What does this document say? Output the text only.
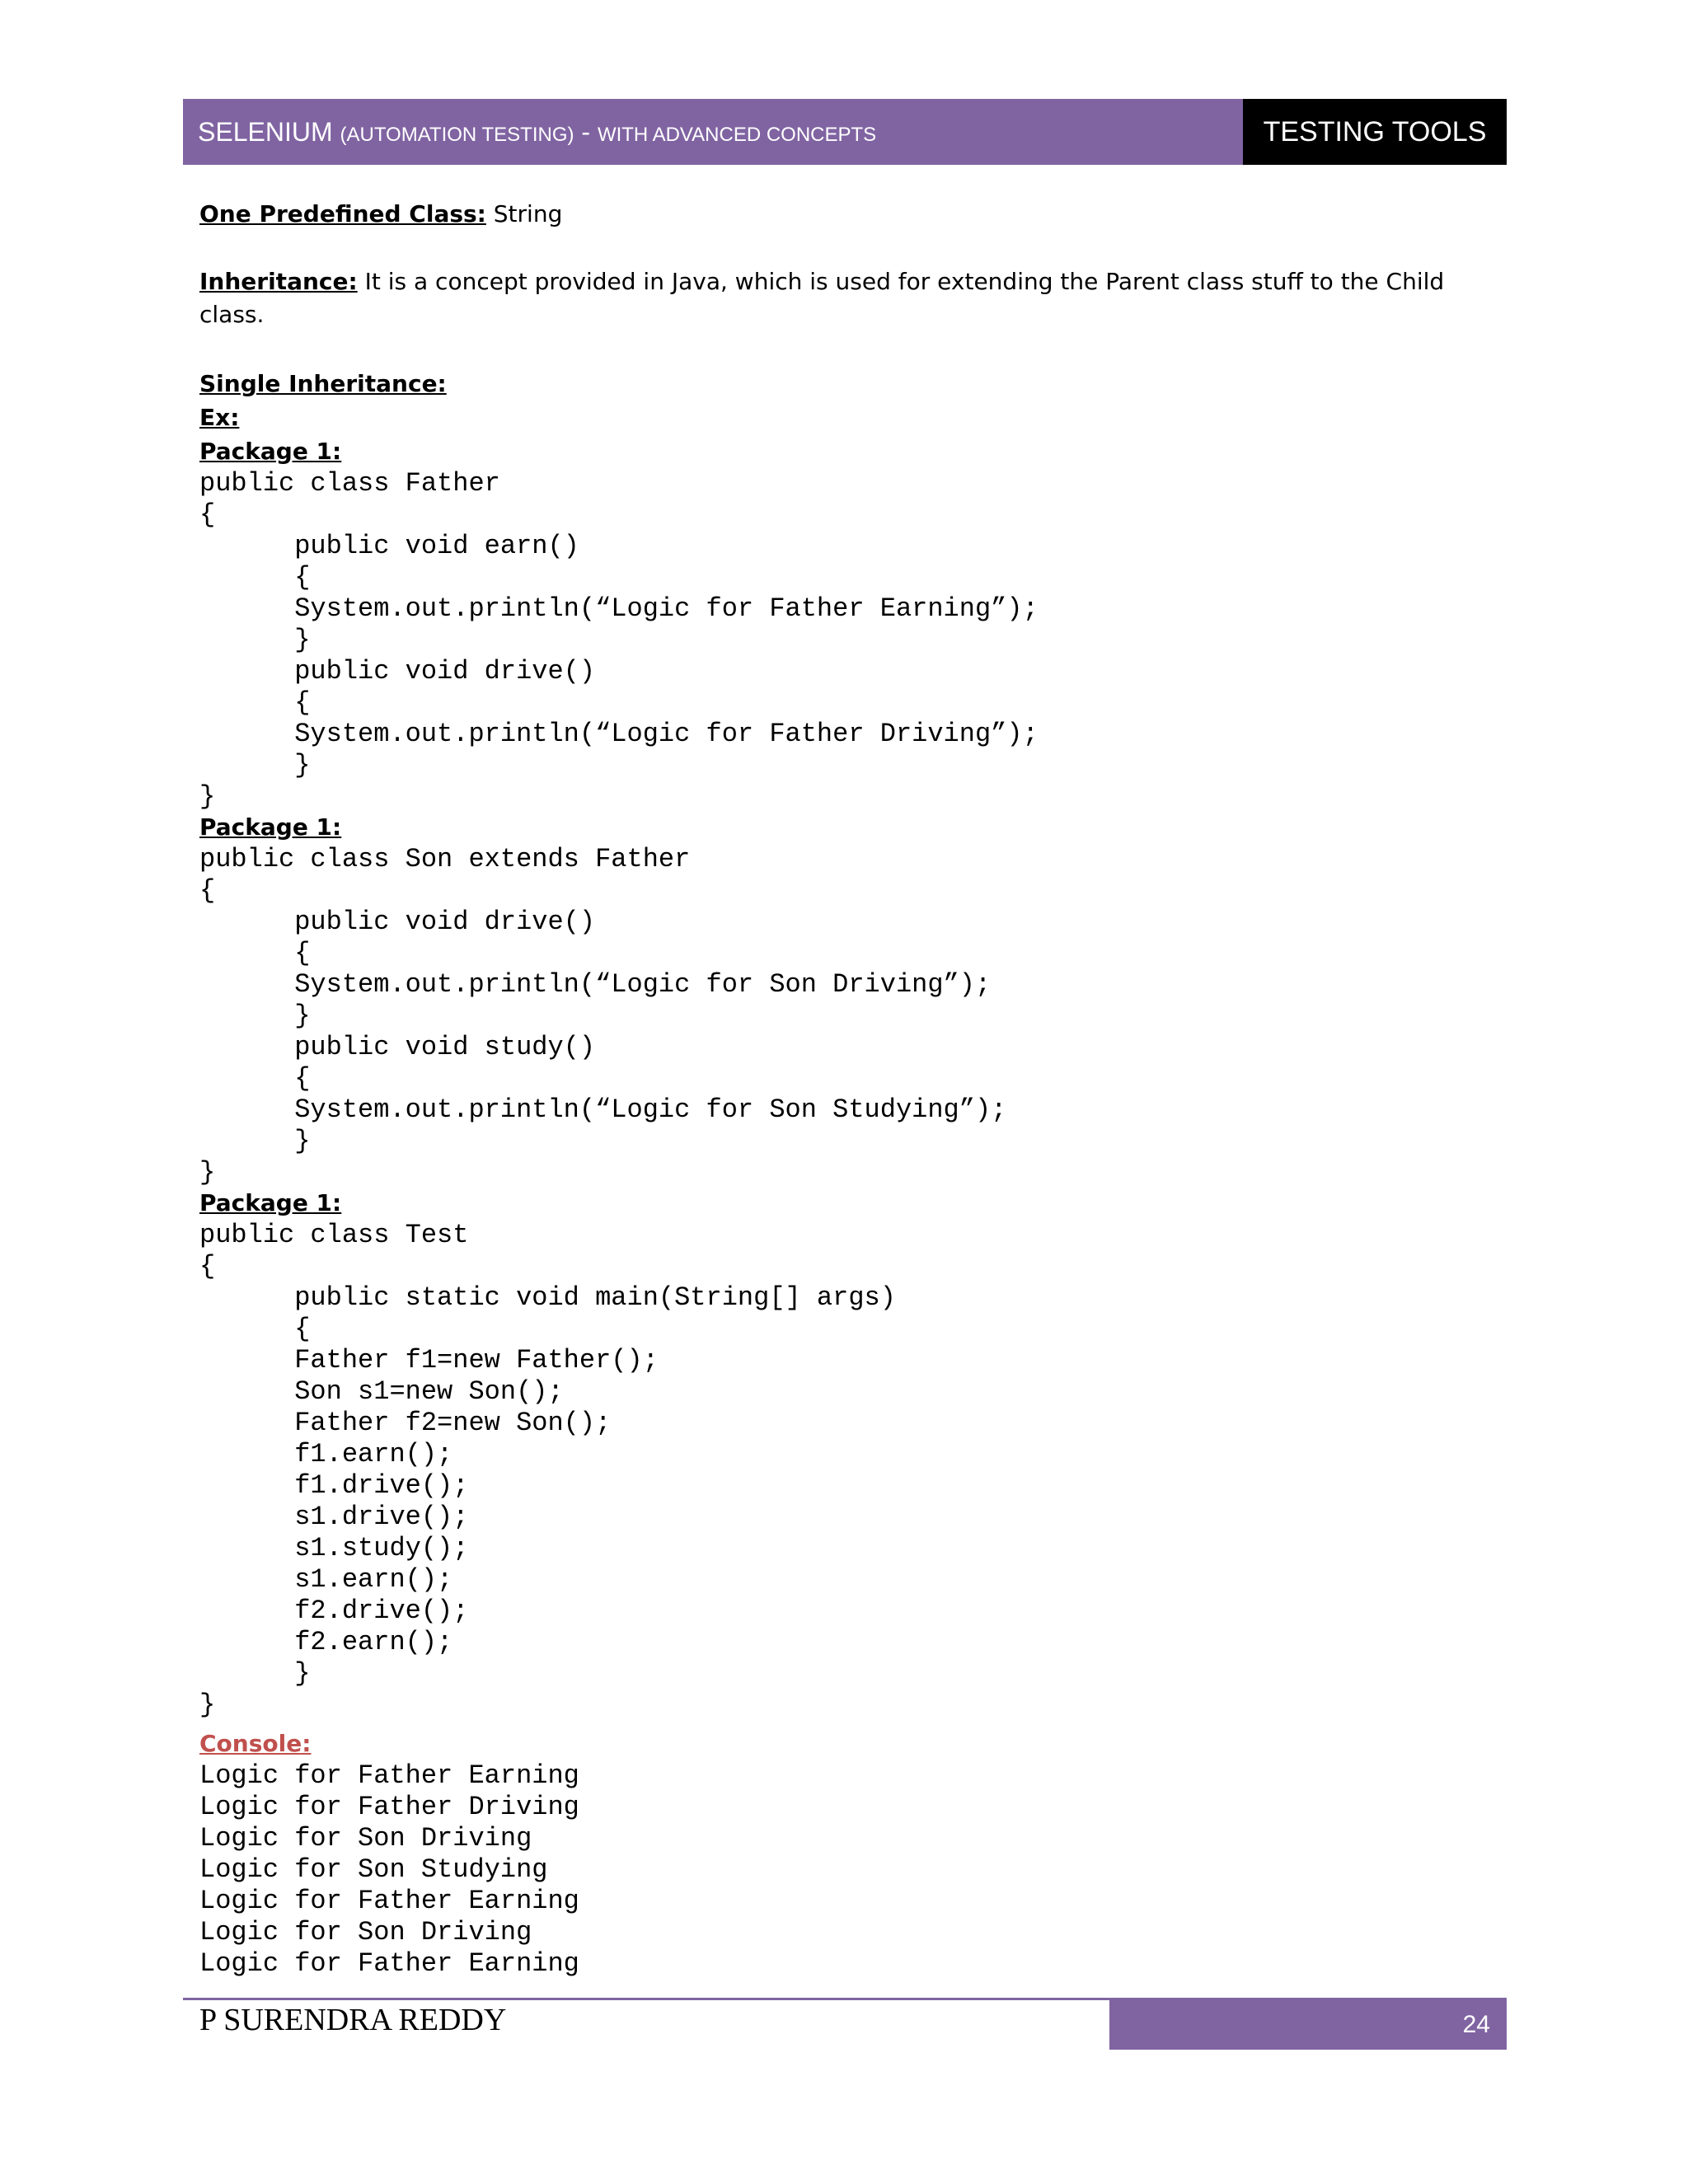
SELENIUM (AUTOMATION TESTING) - WITH ADVANCED CONCEPTS	TESTING TOOLS
One Predefined Class: String
Inheritance: It is a concept provided in Java, which is used for extending the Parent class stuff to the Child class.
Single Inheritance:
Ex:
Package 1:
public class Father
{
public void earn()
{
System.out.println(“Logic for Father Earning”);
}
public void drive()
{
System.out.println(“Logic for Father Driving”);
}
}
Package 1:
public class Son extends Father
{
public void drive()
{
System.out.println(“Logic for Son Driving”);
}
public void study()
{
System.out.println(“Logic for Son Studying”);
}
}
Package 1:
public class Test
{
public static void main(String[] args)
{
Father f1=new Father();
Son s1=new Son();
Father f2=new Son();
f1.earn();
f1.drive();
s1.drive();
s1.study();
s1.earn();
f2.drive();
f2.earn();
}
}
Console:
Logic for Father Earning
Logic for Father Driving
Logic for Son Driving
Logic for Son Studying
Logic for Father Earning
Logic for Son Driving
Logic for Father Earning
P SURENDRA REDDY	24
